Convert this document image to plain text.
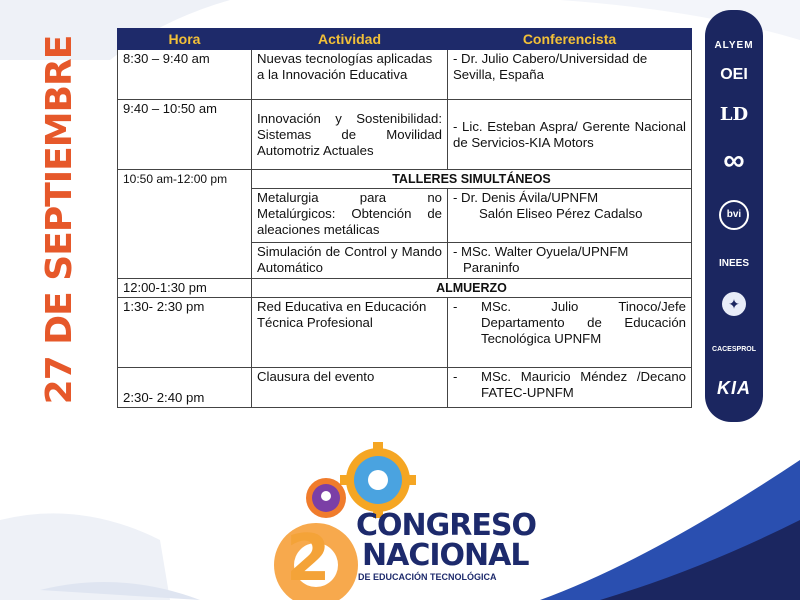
27 DE SEPTIEMBRE	Hora	Actividad	Conferencista
8:30 – 9:40 am	Nuevas tecnologías aplicadas a la Innovación Educativa	- Dr. Julio Cabero/Universidad de Sevilla, España
9:40 – 10:50 am	Innovación y Sostenibilidad: Sistemas de Movilidad Automotriz Actuales	- Lic. Esteban Aspra/ Gerente Nacional de Servicios-KIA Motors
10:50 am-12:00 pm	TALLERES SIMULTÁNEOS	
	Metalurgia para no Metalúrgicos: Obtención de aleaciones metálicas	- Dr. Denis Ávila/UPNFM
Salón Eliseo Pérez Cadalso

	Simulación de Control y Mando Automático	- MSc. Walter Oyuela/UPNFM
Paraninfo

12:00-1:30 pm	ALMUERZO	
1:30- 2:30 pm	Red Educativa en Educación Técnica Profesional	- MSc. Julio Tinoco/Jefe Departamento de Educación Tecnológica UPNFM

2:30- 2:40 pm	Clausura del evento	- MSc. Mauricio Méndez /Decano FATEC-UPNFM
ALYEM
OEI
LD
∞
bvi
INEES
✦
CACESPROL
KIA
2 CONGRESO
NACIONAL
DE EDUCACIÓN TECNOLÓGICA
